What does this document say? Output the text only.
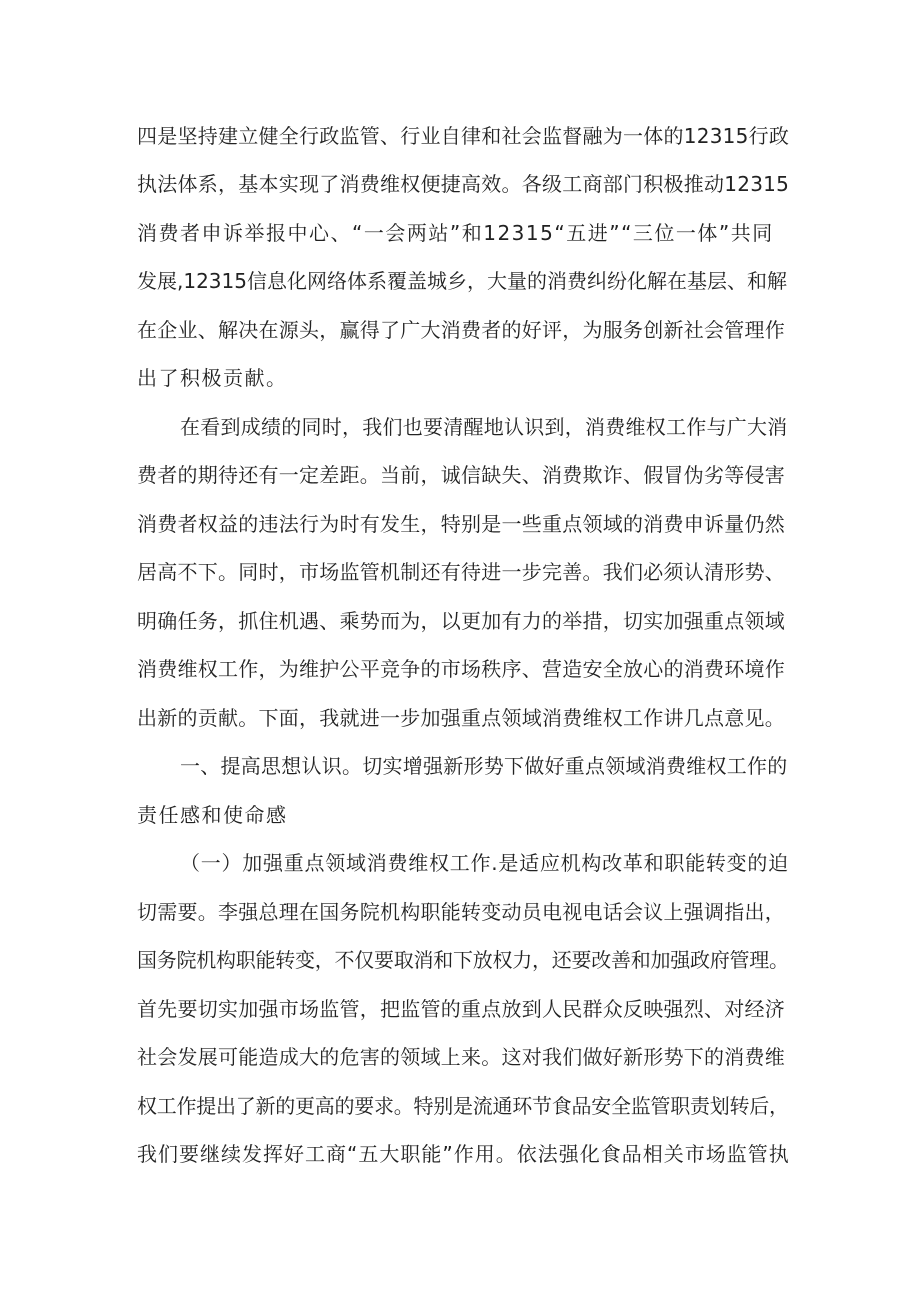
四是坚持建立健全行政监管、行业自律和社会监督融为一体的12315行政
执法体系，基本实现了消费维权便捷高效。各级工商部门积极推动12315
消费者申诉举报中心、“一会两站”和12315“五进”“三位一体”共同
发展,12315信息化网络体系覆盖城乡，大量的消费纠纷化解在基层、和解
在企业、解决在源头，赢得了广大消费者的好评，为服务创新社会管理作
出了积极贡献。
在看到成绩的同时，我们也要清醒地认识到，消费维权工作与广大消
费者的期待还有一定差距。当前，诚信缺失、消费欺诈、假冒伪劣等侵害
消费者权益的违法行为时有发生，特别是一些重点领域的消费申诉量仍然
居高不下。同时，市场监管机制还有待进一步完善。我们必须认清形势、
明确任务，抓住机遇、乘势而为，以更加有力的举措，切实加强重点领域
消费维权工作，为维护公平竞争的市场秩序、营造安全放心的消费环境作
出新的贡献。下面，我就进一步加强重点领域消费维权工作讲几点意见。
一、提高思想认识。切实增强新形势下做好重点领域消费维权工作的
责任感和使命感
（一）加强重点领域消费维权工作.是适应机构改革和职能转变的迫
切需要。李强总理在国务院机构职能转变动员电视电话会议上强调指出，
国务院机构职能转变，不仅要取消和下放权力，还要改善和加强政府管理。
首先要切实加强市场监管，把监管的重点放到人民群众反映强烈、对经济
社会发展可能造成大的危害的领域上来。这对我们做好新形势下的消费维
权工作提出了新的更高的要求。特别是流通环节食品安全监管职责划转后，
我们要继续发挥好工商“五大职能”作用。依法强化食品相关市场监管执
